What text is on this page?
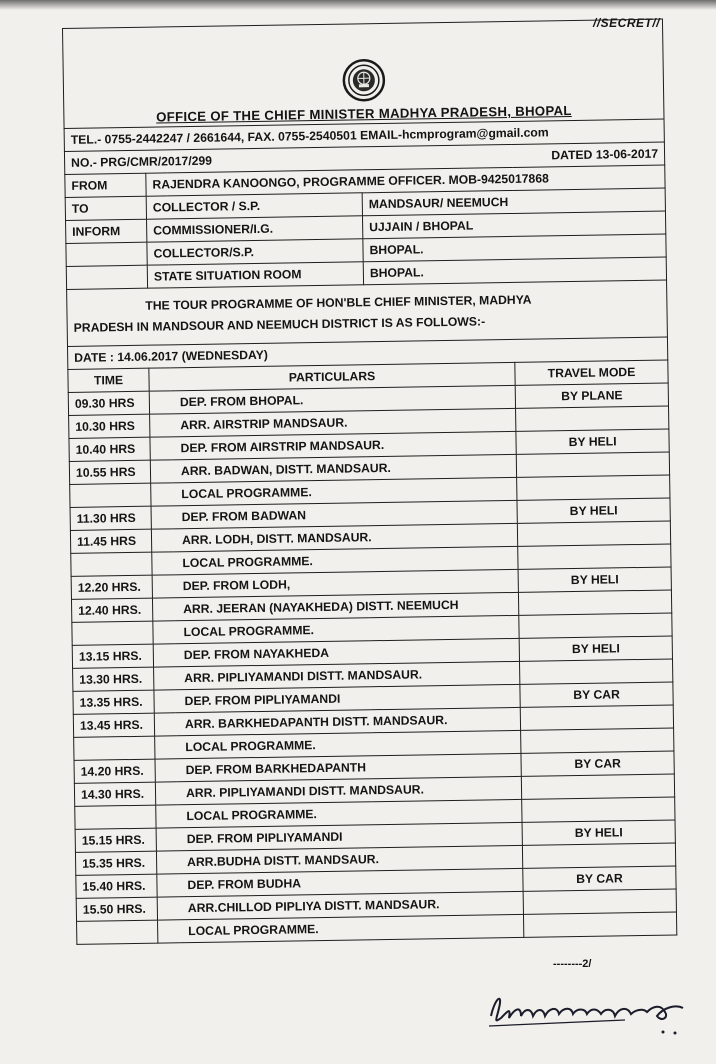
//SECRET//
OFFICE OF THE CHIEF MINISTER MADHYA PRADESH, BHOPAL			
TEL.- 0755-2442247 / 2661644, FAX. 0755-2540501 EMAIL-hcmprogram@gmail.com			
NO.- PRG/CMR/2017/299 DATED 13-06-2017			

FROM	RAJENDRA KANOONGO, PROGRAMME OFFICER. MOB-9425017868		
TO	COLLECTOR / S.P.	MANDSAUR/ NEEMUCH	
INFORM	COMMISSIONER/I.G.	UJJAIN / BHOPAL	
	COLLECTOR/S.P.	BHOPAL.	
	STATE SITUATION ROOM	BHOPAL.	
THE TOUR PROGRAMME OF HON'BLE CHIEF MINISTER, MADHYA
PRADESH IN MANDSOUR AND NEEMUCH DISTRICT IS AS FOLLOWS:-			
DATE : 14.06.2017 (WEDNESDAY)			
TIME	PARTICULARS		TRAVEL MODE
09.30 HRS	DEP. FROM BHOPAL.		BY PLANE
10.30 HRS	ARR. AIRSTRIP MANDSAUR.		
10.40 HRS	DEP. FROM AIRSTRIP MANDSAUR.		BY HELI
10.55 HRS	ARR. BADWAN, DISTT. MANDSAUR.		
	LOCAL PROGRAMME.		
11.30 HRS	DEP. FROM BADWAN		BY HELI
11.45 HRS	ARR. LODH, DISTT. MANDSAUR.		
	LOCAL PROGRAMME.		
12.20 HRS.	DEP. FROM LODH,		BY HELI
12.40 HRS.	ARR. JEERAN (NAYAKHEDA) DISTT. NEEMUCH		
	LOCAL PROGRAMME.		
13.15 HRS.	DEP. FROM NAYAKHEDA		BY HELI
13.30 HRS.	ARR. PIPLIYAMANDI DISTT. MANDSAUR.		
13.35 HRS.	DEP. FROM PIPLIYAMANDI		BY CAR
13.45 HRS.	ARR. BARKHEDAPANTH DISTT. MANDSAUR.		
	LOCAL PROGRAMME.		
14.20 HRS.	DEP. FROM BARKHEDAPANTH		BY CAR
14.30 HRS.	ARR. PIPLIYAMANDI DISTT. MANDSAUR.		
	LOCAL PROGRAMME.		
15.15 HRS.	DEP. FROM PIPLIYAMANDI		BY HELI
15.35 HRS.	ARR.BUDHA DISTT. MANDSAUR.		
15.40 HRS.	DEP. FROM BUDHA		BY CAR
15.50 HRS.	ARR.CHILLOD PIPLIYA DISTT. MANDSAUR.		
	LOCAL PROGRAMME.		
--------2/
